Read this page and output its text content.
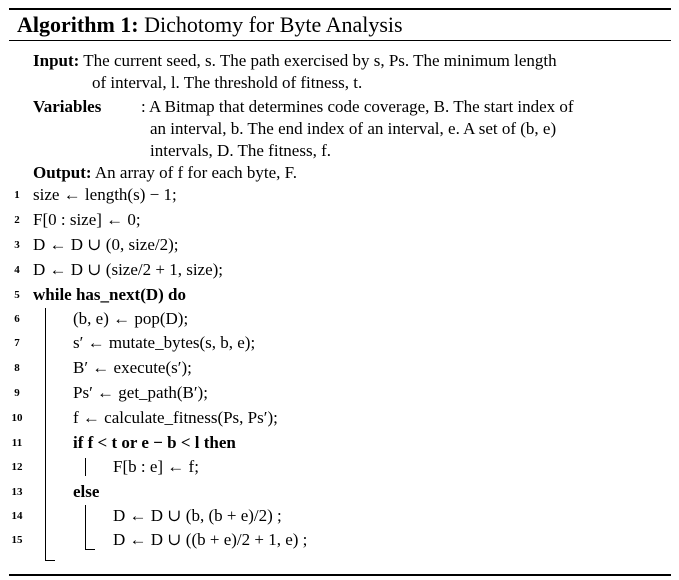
Algorithm 1: Dichotomy for Byte Analysis
Input: The current seed, s. The path exercised by s, Ps. The minimum length
of interval, l. The threshold of fitness, t.
Variables : A Bitmap that determines code coverage, B. The start index of
an interval, b. The end index of an interval, e. A set of (b, e)
intervals, D. The fitness, f.
Output: An array of f for each byte, F.
1 size ← length(s) − 1;
2 F[0 : size] ← 0;
3 D ← D ∪ (0, size/2);
4 D ← D ∪ (size/2 + 1, size);
5 while has_next(D) do
6	(b, e) ← pop(D);
7	s′ ← mutate_bytes(s, b, e);
8	B′ ← execute(s′);
9	Ps′ ← get_path(B′);
10	f ← calculate_fitness(Ps, Ps′);
11	if f < t or e − b < l then
12	F[b : e] ← f;
13	else
14	D ← D ∪ (b, (b + e)/2) ;
15	D ← D ∪ ((b + e)/2 + 1, e) ;
